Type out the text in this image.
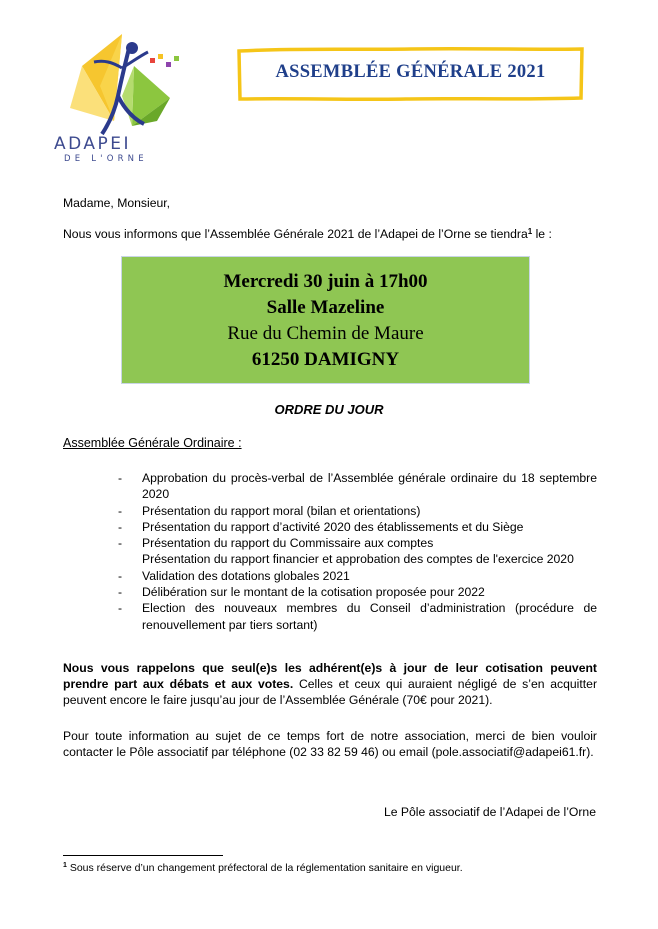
ADAPEI
DE L'ORNE
ASSEMBLÉE GÉNÉRALE 2021
Madame, Monsieur,
Nous vous informons que l’Assemblée Générale 2021 de l’Adapei de l’Orne se tiendra$^1$ le :
Mercredi 30 juin à 17h00
Salle Mazeline
Rue du Chemin de Maure
61250 DAMIGNY
ORDRE DU JOUR
Assemblée Générale Ordinaire :
- Approbation du procès-verbal de l’Assemblée générale ordinaire du 18 septembre 2020
- Présentation du rapport moral (bilan et orientations)
- Présentation du rapport d’activité 2020 des établissements et du Siège
- Présentation du rapport du Commissaire aux comptes
Présentation du rapport financier et approbation des comptes de l'exercice 2020
- Validation des dotations globales 2021
- Délibération sur le montant de la cotisation proposée pour 2022
- Election des nouveaux membres du Conseil d’administration (procédure de renouvellement par tiers sortant)
Nous vous rappelons que seul(e)s les adhérent(e)s à jour de leur cotisation peuvent prendre part aux débats et aux votes. Celles et ceux qui auraient négligé de s’en acquitter peuvent encore le faire jusqu’au jour de l’Assemblée Générale (70€ pour 2021).
Pour toute information au sujet de ce temps fort de notre association, merci de bien vouloir contacter le Pôle associatif par téléphone (02 33 82 59 46) ou email (pole.associatif@adapei61.fr).
Le Pôle associatif de l’Adapei de l’Orne
$^1$ Sous réserve d’un changement préfectoral de la réglementation sanitaire en vigueur.
